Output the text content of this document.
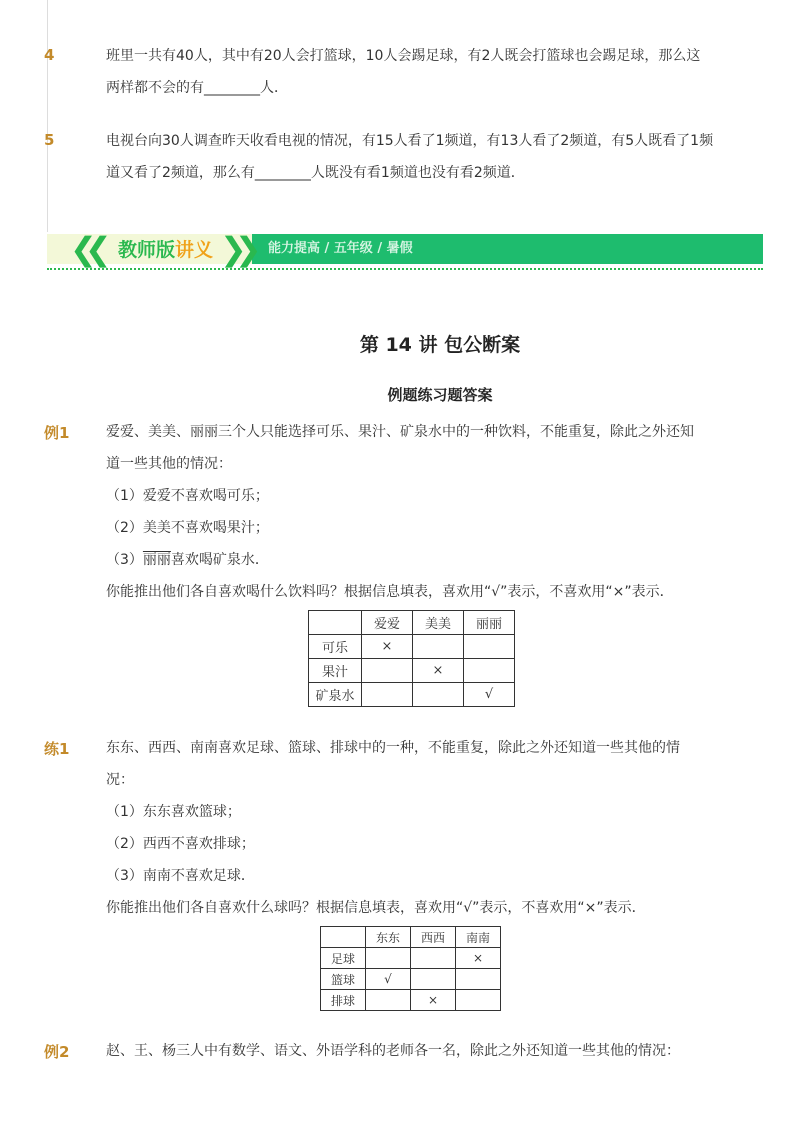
4	班里一共有40人，其中有20人会打篮球，10人会踢足球，有2人既会打篮球也会踢足球，那么这
两样都不会的有________人．
5	电视台向30人调查昨天收看电视的情况，有15人看了1频道，有13人看了2频道，有5人既看了1频
道又看了2频道，那么有________人既没有看1频道也没有看2频道．
❮❮ 教师版讲义 ❯❯ 能力提高 / 五年级 / 暑假
第 14 讲 包公断案
例题练习题答案
例1	爱爱、美美、丽丽三个人只能选择可乐、果汁、矿泉水中的一种饮料，不能重复，除此之外还知
道一些其他的情况：
（1）爱爱不喜欢喝可乐；
（2）美美不喜欢喝果汁；
（3）丽丽喜欢喝矿泉水．
你能推出他们各自喜欢喝什么饮料吗？根据信息填表，喜欢用“√”表示，不喜欢用“×”表示．
	爱爱	美美	丽丽
可乐	×		
果汁		×	
矿泉水			√
练1	东东、西西、南南喜欢足球、篮球、排球中的一种，不能重复，除此之外还知道一些其他的情
况：
（1）东东喜欢篮球；
（2）西西不喜欢排球；
（3）南南不喜欢足球．
你能推出他们各自喜欢什么球吗？根据信息填表，喜欢用“√”表示，不喜欢用“×”表示．
	东东	西西	南南
足球			×
篮球	√		
排球		×	
例2	赵、王、杨三人中有数学、语文、外语学科的老师各一名，除此之外还知道一些其他的情况：
